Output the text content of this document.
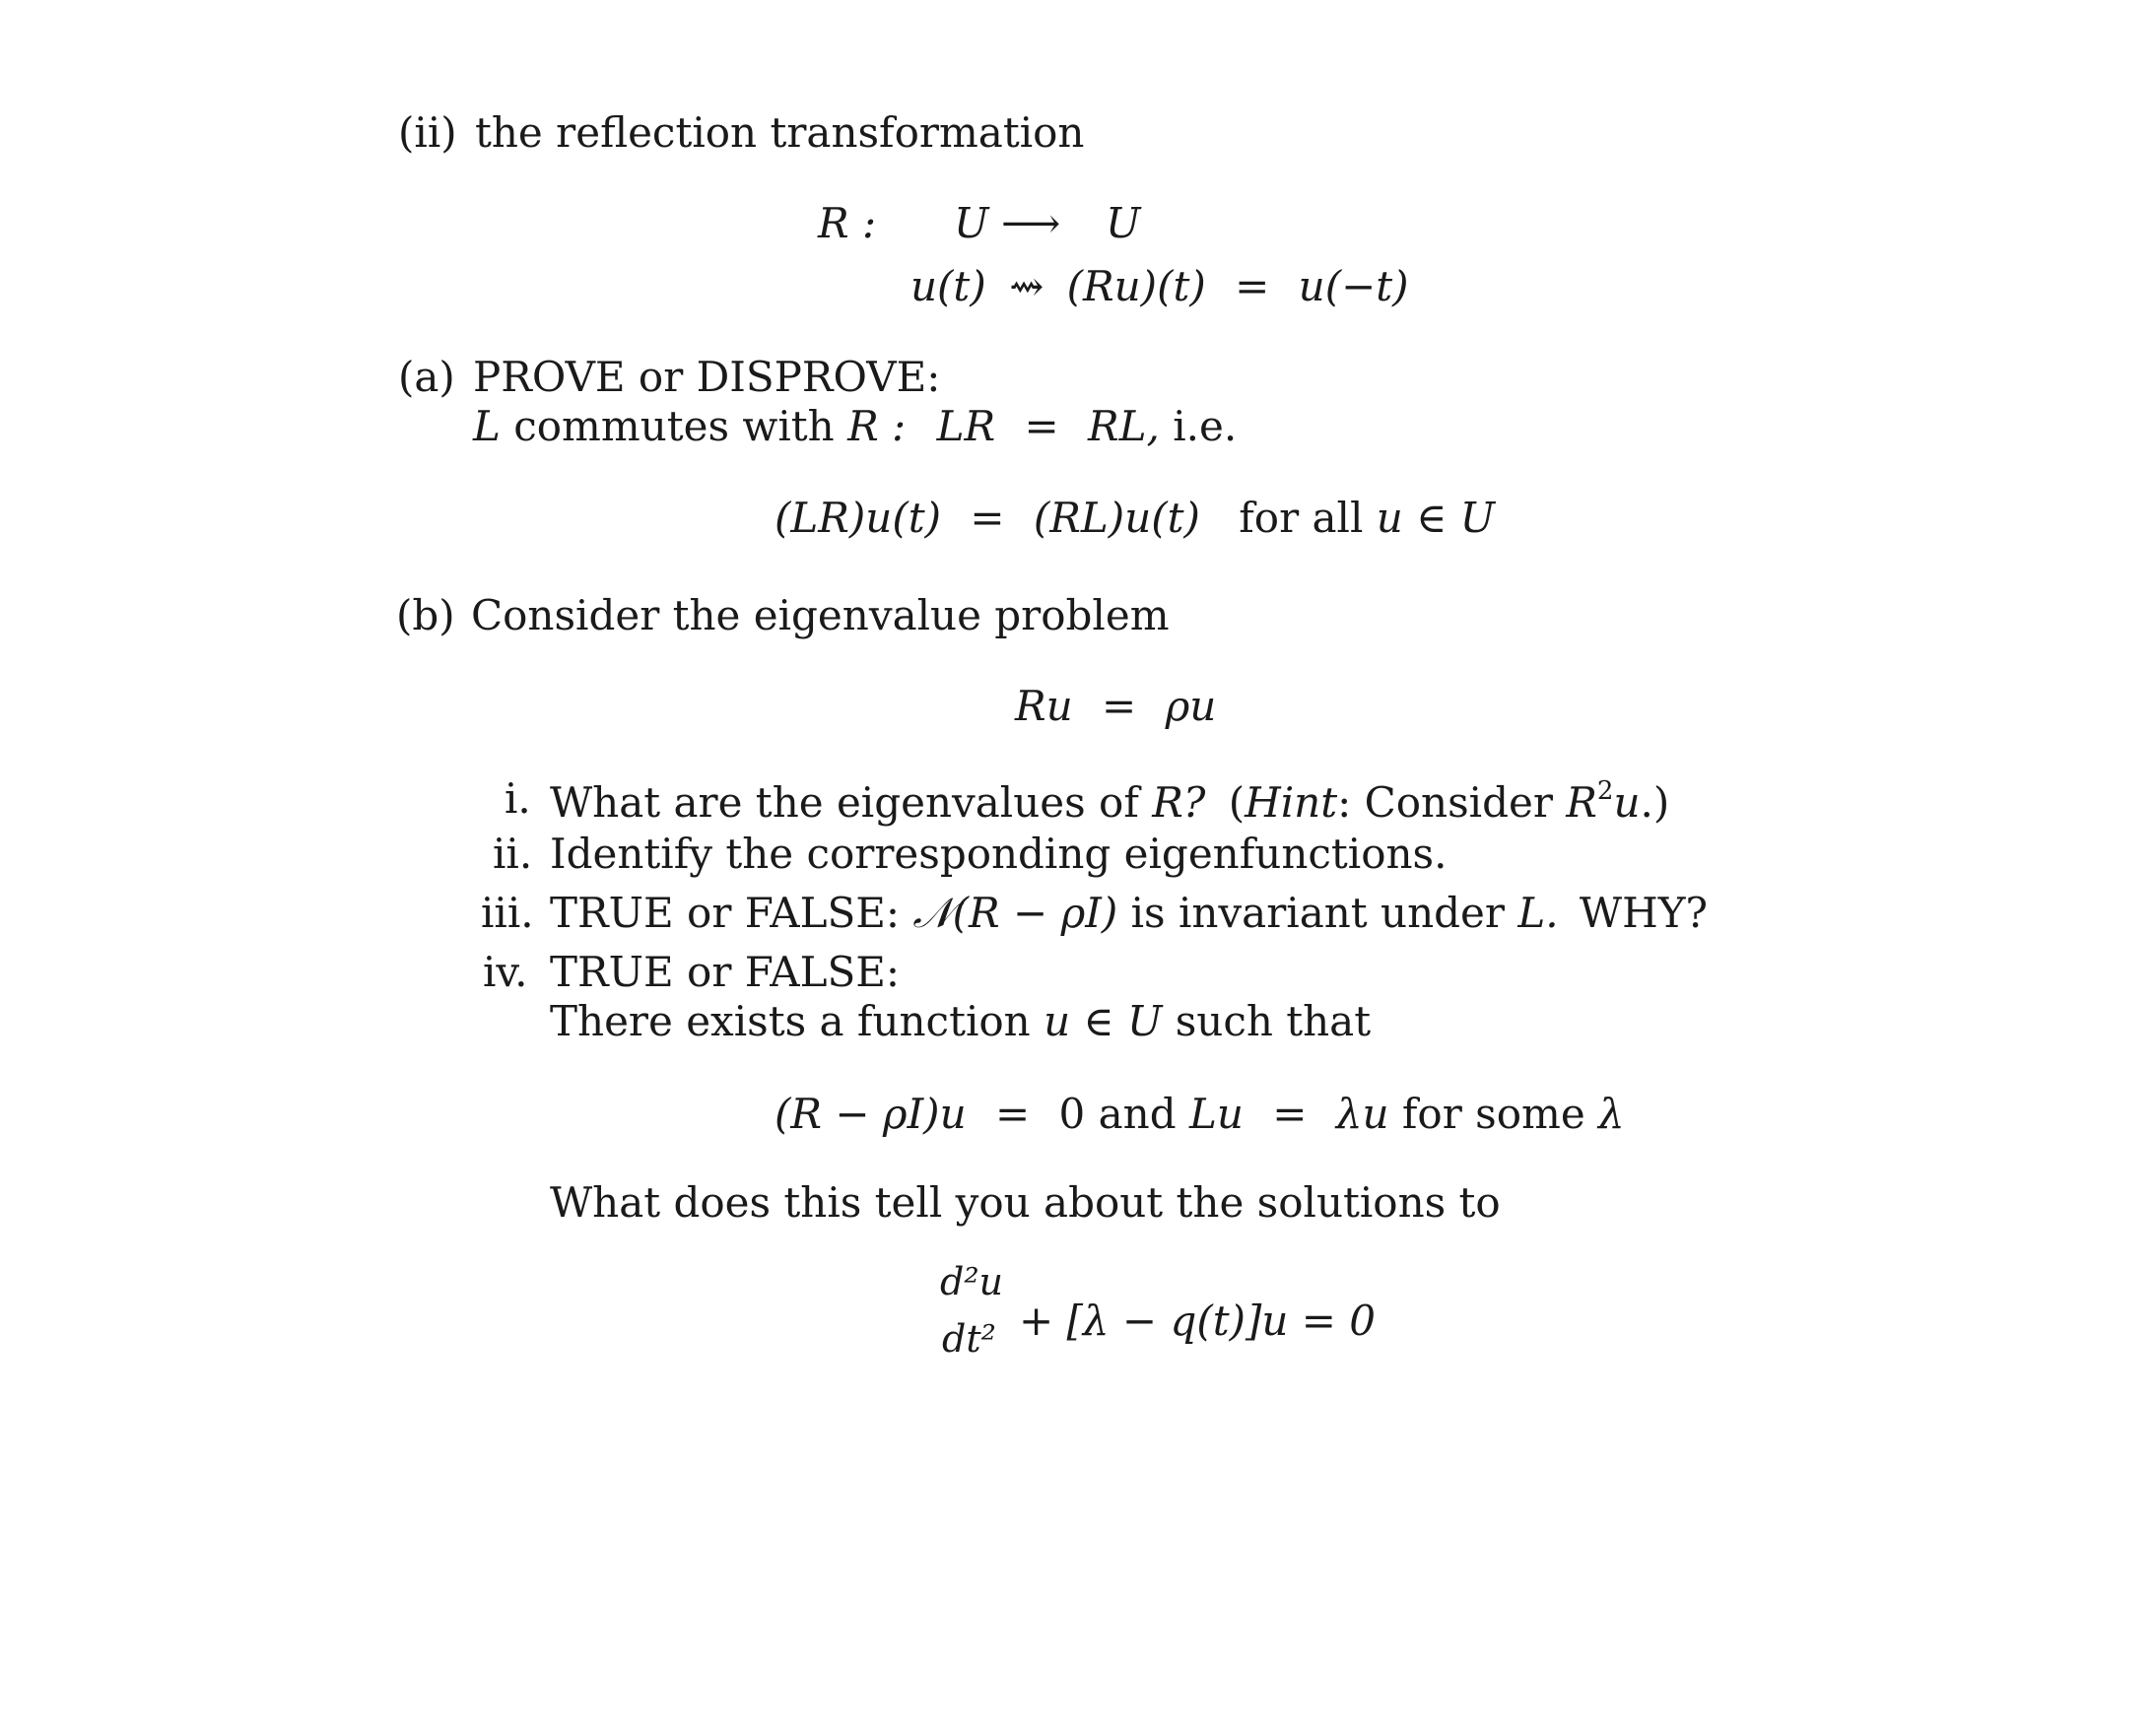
(ii) the reflection transformation
R : U ⟶ U
u(t) ⇝ (Ru)(t) = u(−t)
(a) PROVE or DISPROVE:
L commutes with R : LR = RL, i.e.
(LR)u(t) = (RL)u(t) for all u ∈ U
(b) Consider the eigenvalue problem
Ru = ρu
i. What are the eigenvalues of R? (Hint: Consider $R^2u$.)
ii. Identify the corresponding eigenfunctions.
iii. TRUE or FALSE: 𝒩(R − ρI) is invariant under L. WHY?
iv. TRUE or FALSE:
There exists a function u ∈ U such that
(R − ρI)u = 0 and Lu = λu for some λ
What does this tell you about the solutions to
d²u
dt² + [λ − q(t)]u = 0
